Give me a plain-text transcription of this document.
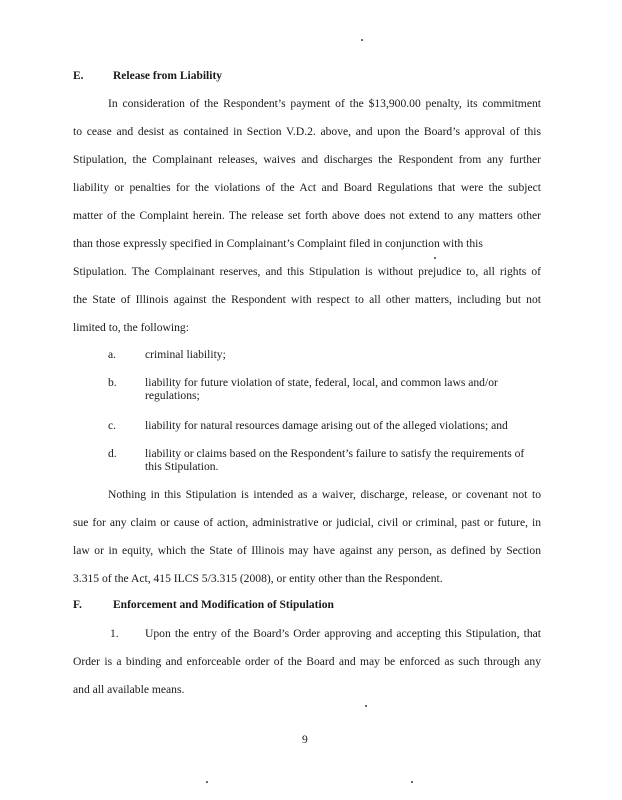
E.	Release from Liability
In consideration of the Respondent’s payment of the $13,900.00 penalty, its commitment
to cease and desist as contained in Section V.D.2. above, and upon the Board’s approval of this
Stipulation, the Complainant releases, waives and discharges the Respondent from any further
liability or penalties for the violations of the Act and Board Regulations that were the subject
matter of the Complaint herein. The release set forth above does not extend to any matters other
than those expressly specified in Complainant’s Complaint filed in conjunction with this
Stipulation. The Complainant reserves, and this Stipulation is without prejudice to, all rights of
the State of Illinois against the Respondent with respect to all other matters, including but not
limited to, the following:
a. criminal liability;
b. liability for future violation of state, federal, local, and common laws and/or regulations;
c. liability for natural resources damage arising out of the alleged violations; and
d. liability or claims based on the Respondent’s failure to satisfy the requirements of this Stipulation.
Nothing in this Stipulation is intended as a waiver, discharge, release, or covenant not to
sue for any claim or cause of action, administrative or judicial, civil or criminal, past or future, in
law or in equity, which the State of Illinois may have against any person, as defined by Section
3.315 of the Act, 415 ILCS 5/3.315 (2008), or entity other than the Respondent.
F.	Enforcement and Modification of Stipulation
1. Upon the entry of the Board’s Order approving and accepting this Stipulation, that
Order is a binding and enforceable order of the Board and may be enforced as such through any
and all available means.
9
